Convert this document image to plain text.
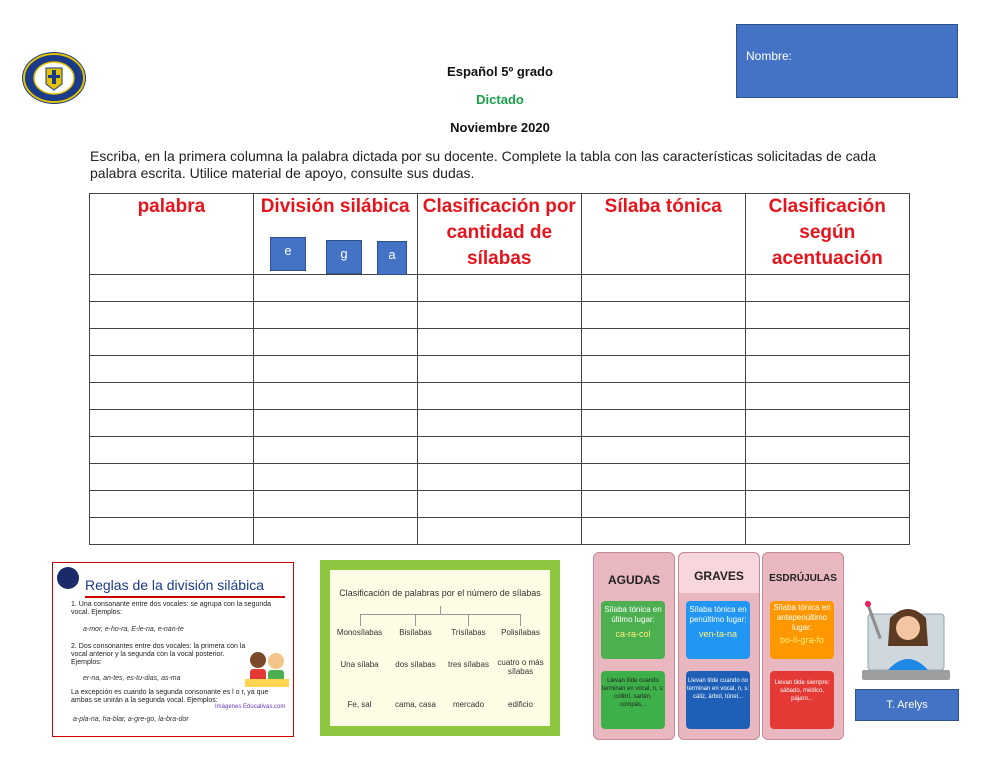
Español 5º grado
Dictado
Noviembre 2020
Nombre:
Escriba, en la primera columna la palabra dictada por su docente. Complete la tabla con las características solicitadas de cada palabra escrita. Utilice material de apoyo, consulte sus dudas.
palabra	División silábica	Clasificación por cantidad de sílabas	Sílaba tónica	Clasificación según acentuación

e	g	a
Reglas de la división silábica
1. Una consonante entre dos vocales: se agrupa con la segunda vocal. Ejemplos:
a-mor, e-ho-ra, E-le-na, e-nan-te
2. Dos consonantes entre dos vocales: la primera con la vocal anterior y la segunda con la vocal posterior. Ejemplos:
er-na, an-tes, es-tu-dias, as-ma
La excepción es cuando la segunda consonante es l o r, ya que ambas se unirán a la segunda vocal. Ejemplos:
a-pla-na, ha-blar, a-gre-go, la-bra-dor
Imágenes Educativas.com
Clasificación de palabras por el número de sílabas
Monosílabas	Bisílabas	Trisílabas	Polisílabas
Una sílaba	dos sílabas	tres sílabas	cuatro o más sílabas
Fe, sal	cama, casa	mercado	edificio
AGUDAS
Sílaba tónica en último lugar:
ca-ra-col
Llevan tilde cuando terminan en vocal, n, s: colibrí, sartén, compás...
GRAVES
Sílaba tónica en penúltimo lugar:
ven-ta-na
Llevan tilde cuando no terminan en vocal, n, s: cáliz, árbol, túnel...
ESDRÚJULAS
Sílaba tónica en antepenúltimo lugar:
bo-lí-gra-fo
Llevan tilde siempre: sábado, médico, pájaro...	T. Arelys
